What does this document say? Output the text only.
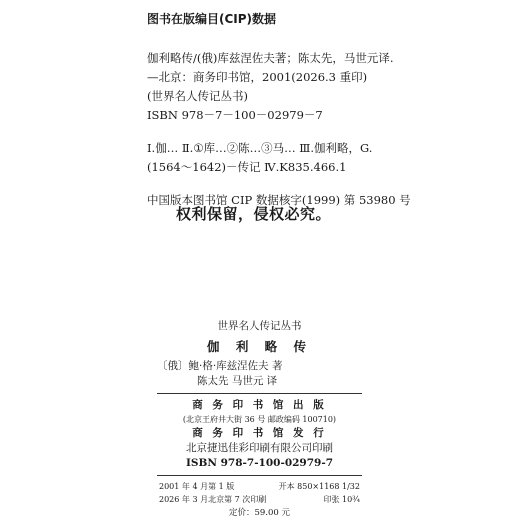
图书在版编目(CIP)数据
伽利略传/(俄)库兹涅佐夫著；陈太先，马世元译.
—北京：商务印书馆，2001(2026.3 重印)
(世界名人传记丛书)
ISBN 978－7－100－02979－7
Ⅰ.伽… Ⅱ.①库…②陈…③马… Ⅲ.伽利略，G.
(1564～1642)－传记 Ⅳ.K835.466.1
中国版本图书馆 CIP 数据核字(1999) 第 53980 号
权利保留，侵权必究。
世界名人传记丛书
伽 利 略 传
〔俄〕鲍·格·库兹涅佐夫 著
陈太先 马世元 译
商 务 印 书 馆 出 版
(北京王府井大街 36 号 邮政编码 100710)
商 务 印 书 馆 发 行
北京捷迅佳彩印刷有限公司印刷
ISBN 978-7-100-02979-7
2001 年 4 月第 1 版	开本 850×1168 1/32
2026 年 3 月北京第 7 次印刷	印张 10¾
定价：59.00 元
